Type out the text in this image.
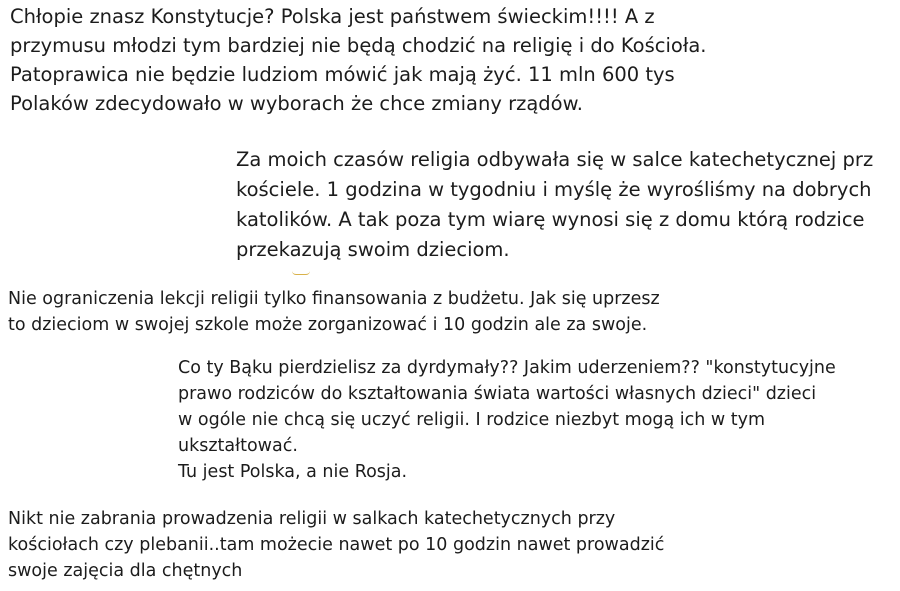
Chłopie znasz Konstytucje? Polska jest państwem świeckim!!!! A z

przymusu młodzi tym bardziej nie będą chodzić na religię i do Kościoła.

Patoprawica nie będzie ludziom mówić jak mają żyć. 11 mln 600 tys

Polaków zdecydowało w wyborach że chce zmiany rządów.

Za moich czasów religia odbywała się w salce katechetycznej prz

kościele. 1 godzina w tygodniu i myślę że wyrośliśmy na dobrych

katolików. A tak poza tym wiarę wynosi się z domu którą rodzice

przekazują swoim dzieciom.

Nie ograniczenia lekcji religii tylko finansowania z budżetu. Jak się uprzesz

to dzieciom w swojej szkole może zorganizować i 10 godzin ale za swoje.

Co ty Bąku pierdzielisz za dyrdymały?? Jakim uderzeniem?? "konstytucyjne

prawo rodziców do kształtowania świata wartości własnych dzieci" dzieci

w ogóle nie chcą się uczyć religii. I rodzice niezbyt mogą ich w tym

ukształtować.

Tu jest Polska, a nie Rosja.

Nikt nie zabrania prowadzenia religii w salkach katechetycznych przy

kościołach czy plebanii..tam możecie nawet po 10 godzin nawet prowadzić

swoje zajęcia dla chętnych
